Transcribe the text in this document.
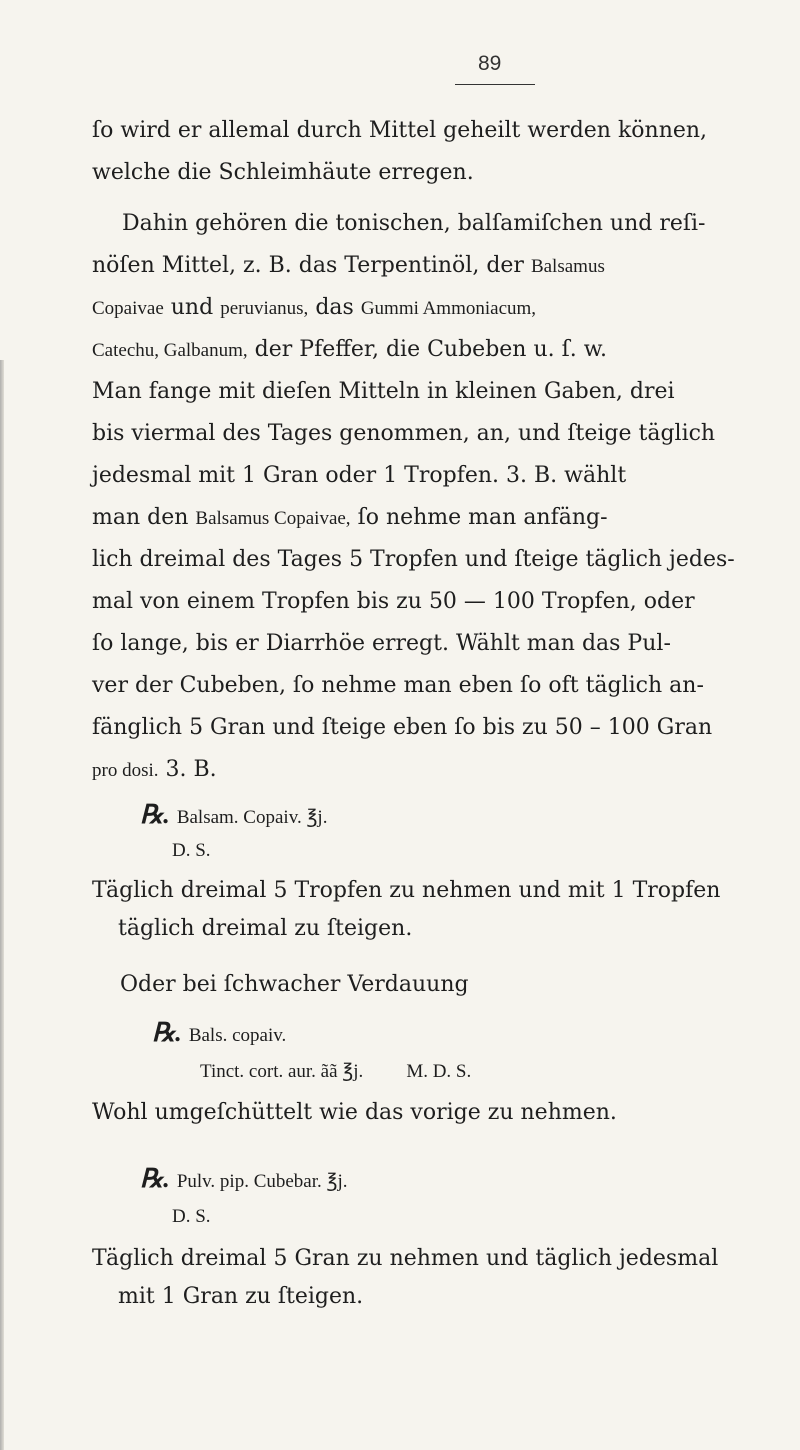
89
ſo wird er allemal durch Mittel geheilt werden können,
welche die Schleimhäute erregen.
Dahin gehören die tonischen, balſamiſchen und reſi-
nöſen Mittel, z. B. das Terpentinöl, der Balsamus
Copaivae und peruvianus, das Gummi Ammoniacum,
Catechu, Galbanum, der Pfeffer, die Cubeben u. ſ. w.
Man fange mit dieſen Mitteln in kleinen Gaben, drei
bis viermal des Tages genommen, an, und ſteige täglich
jedesmal mit 1 Gran oder 1 Tropfen. 3. B. wählt
man den Balsamus Copaivae, ſo nehme man anfäng-
lich dreimal des Tages 5 Tropfen und ſteige täglich jedes-
mal von einem Tropfen bis zu 50 — 100 Tropfen, oder
ſo lange, bis er Diarrhöe erregt. Wählt man das Pul-
ver der Cubeben, ſo nehme man eben ſo oft täglich an-
fänglich 5 Gran und ſteige eben ſo bis zu 50 – 100 Gran
pro dosi. 3. B.
℞. Balsam. Copaiv. ℥j.
D. S.
Täglich dreimal 5 Tropfen zu nehmen und mit 1 Tropfen
täglich dreimal zu ſteigen.
Oder bei ſchwacher Verdauung
℞. Bals. copaiv.
Tinct. cort. aur. ãã ℥j. M. D. S.
Wohl umgeſchüttelt wie das vorige zu nehmen.
℞. Pulv. pip. Cubebar. ℥j.
D. S.
Täglich dreimal 5 Gran zu nehmen und täglich jedesmal
mit 1 Gran zu ſteigen.
